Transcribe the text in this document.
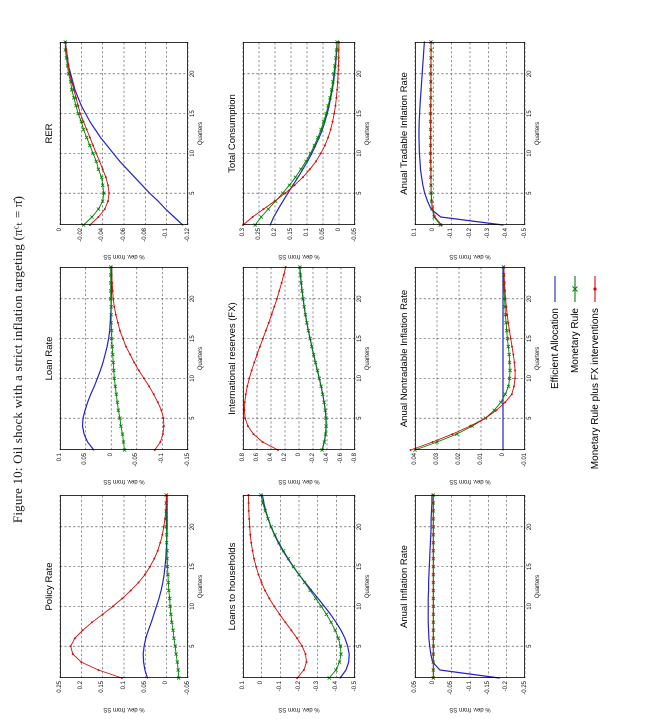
Figure 10: Oil shock with a strict inflation targeting (πᶜₜ = π̄)
Policy Rate
% dev. from SS
0.25	0.2	0.15	0.1	0.05	0	-0.05
5
10
15
20
Quarters
Loan Rate
% dev. from SS
0.1	0.05	0	-0.05	-0.1	-0.15
5
10
15
20
Quarters
RER
% dev. from SS
0	-0.02	-0.04	-0.06	-0.08	-0.1	-0.12
5
10
15
20
Quarters
Loans to households
% dev. from SS
0.1 0 -0.1 -0.2 -0.3 -0.4 -0.5
5
10
15
20
Quarters
International reserves (FX)
% dev. from SS
0.8 0.6 0.4 0.2 0 -0.2 -0.4 -0.6 -0.8
5
10
15
20
Quarters
Total Consumption
% dev. from SS
0.3 0.25 0.2 0.15 0.1 0.05 0 -0.05
5
10
15
20
Quarters
Anual Inflation Rate
% dev. from SS
0.05 0 -0.05 -0.1 -0.15 -0.2 -0.25
5
10
15
20
Quarters
Anual Nontradable Inflation Rate
% dev. from SS
0.04	0.03	0.02	0.01	0	-0.01
5
10
15
20
Quarters
Anual Tradable Inflation Rate
% dev. from SS
0.1 0 -0.1 -0.2 -0.3 -0.4 -0.5
5
10
15
20
Quarters
Efficient Allocation Monetary Rule Monetary Rule plus FX interventions
